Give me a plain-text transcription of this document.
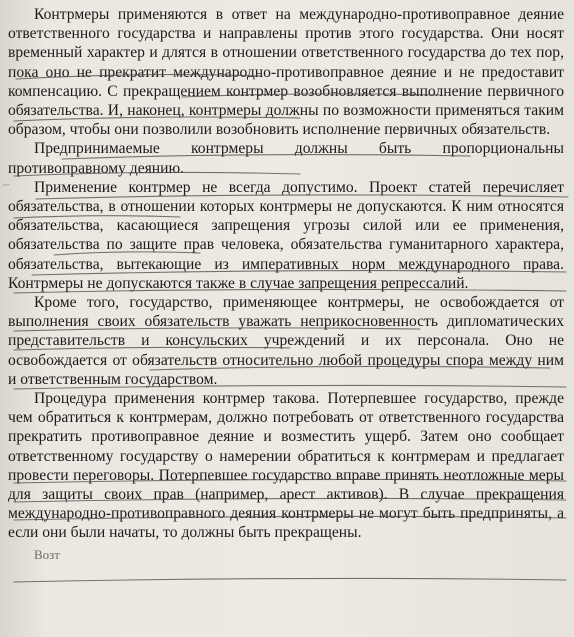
Контрмеры применяются в ответ на международно-противоправное деяние ответственного государства и направлены против этого государства. Они носят временный характер и длятся в отношении ответственного государства до тех пор, пока оно не прекратит международно-противоправное деяние и не предоставит компенсацию. С прекращением контрмер возобновляется выполнение первичного обязательства. И, наконец, контрмеры должны по возможности применяться таким образом, чтобы они позволили возобновить исполнение первичных обязательств.

Предпринимаемые контрмеры должны быть пропорциональны противоправному деянию.

Применение контрмер не всегда допустимо. Проект статей перечисляет обязательства, в отношении которых контрмеры не допускаются. К ним относятся обязательства, касающиеся запрещения угрозы силой или ее применения, обязательства по защите прав человека, обязательства гуманитарного характера, обязательства, вытекающие из императивных норм международного права. Контрмеры не допускаются также в случае запрещения репрессалий.

Кроме того, государство, применяющее контрмеры, не освобождается от выполнения своих обязательств уважать неприкосновенность дипломатических представительств и консульских учреждений и их персонала. Оно не освобождается от обязательств относительно любой процедуры спора между ним и ответственным государством.

Процедура применения контрмер такова. Потерпевшее государство, прежде чем обратиться к контрмерам, должно потребовать от ответственного государства прекратить противоправное деяние и возместить ущерб. Затем оно сообщает ответственному государству о намерении обратиться к контрмерам и предлагает провести переговоры. Потерпевшее государство вправе принять неотложные меры для защиты своих прав (например, арест активов). В случае прекращения международно-противоправного деяния контрмеры не могут быть предприняты, а если они были начаты, то должны быть прекращены.

Возт

~
